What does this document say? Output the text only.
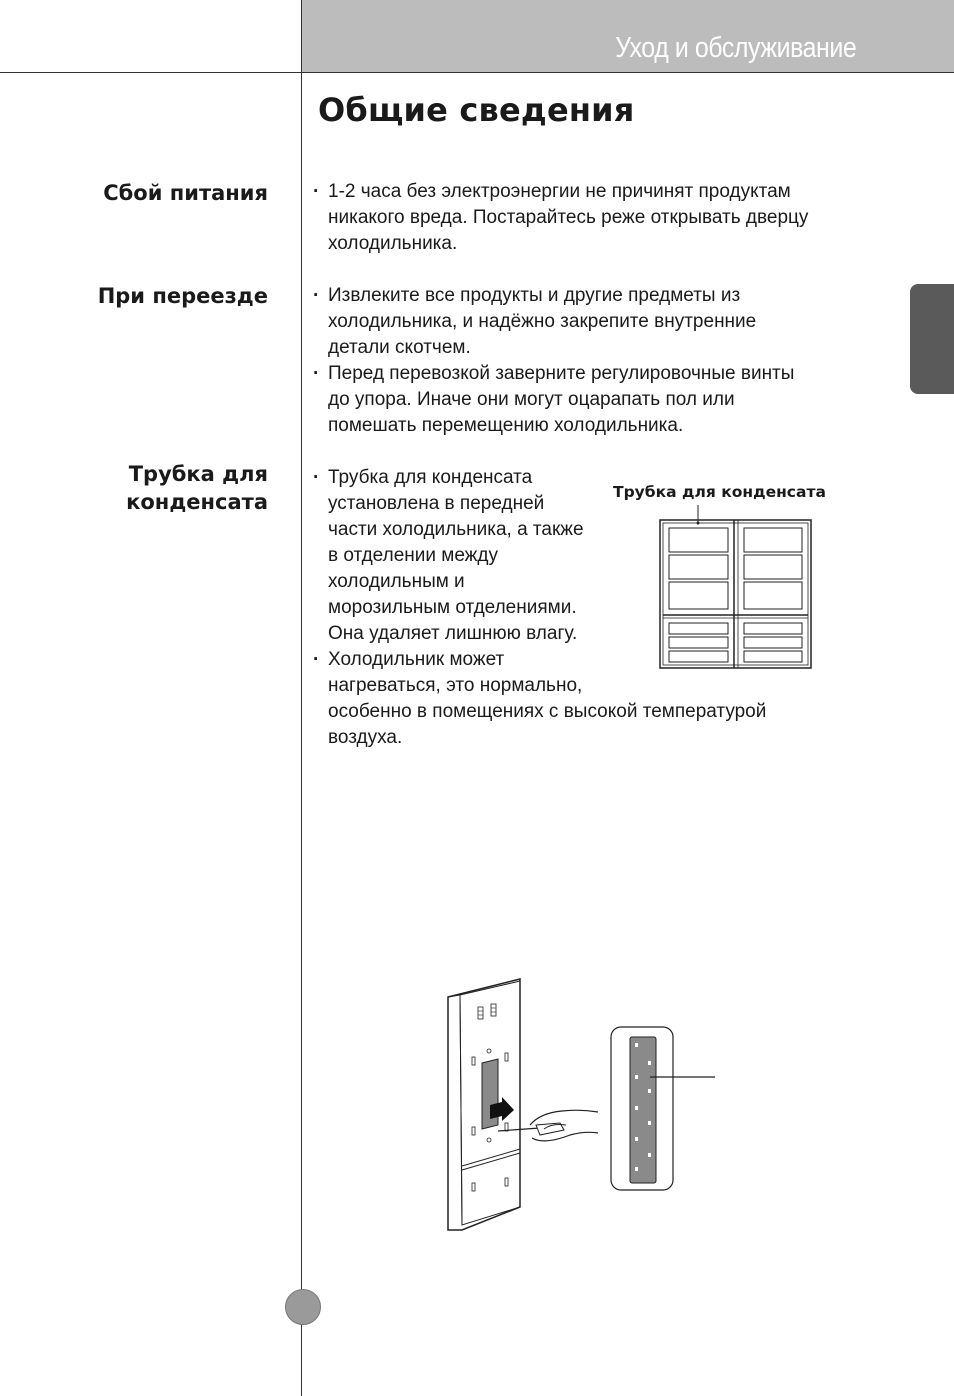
Уход и обслуживание
Общие сведения
Сбой питания	· 1-2 часа без электроэнергии не причинят продуктам
никакого вреда. Постарайтесь реже открывать дверцу
холодильника.
При переезде	· Извлеките все продукты и другие предметы из
холодильника, и надёжно закрепите внутренние
детали скотчем.
· Перед перевозкой заверните регулировочные винты
до упора. Иначе они могут оцарапать пол или
помешать перемещению холодильника.
Трубка для
конденсата
· Трубка для конденсата
установлена в передней
части холодильника, а также
в отделении между
холодильным и
морозильным отделениями.
Она удаляет лишнюю влагу.
· Холодильник может
нагреваться, это нормально,
особенно в помещениях с высокой температурой
воздуха.
Трубка для конденсата
